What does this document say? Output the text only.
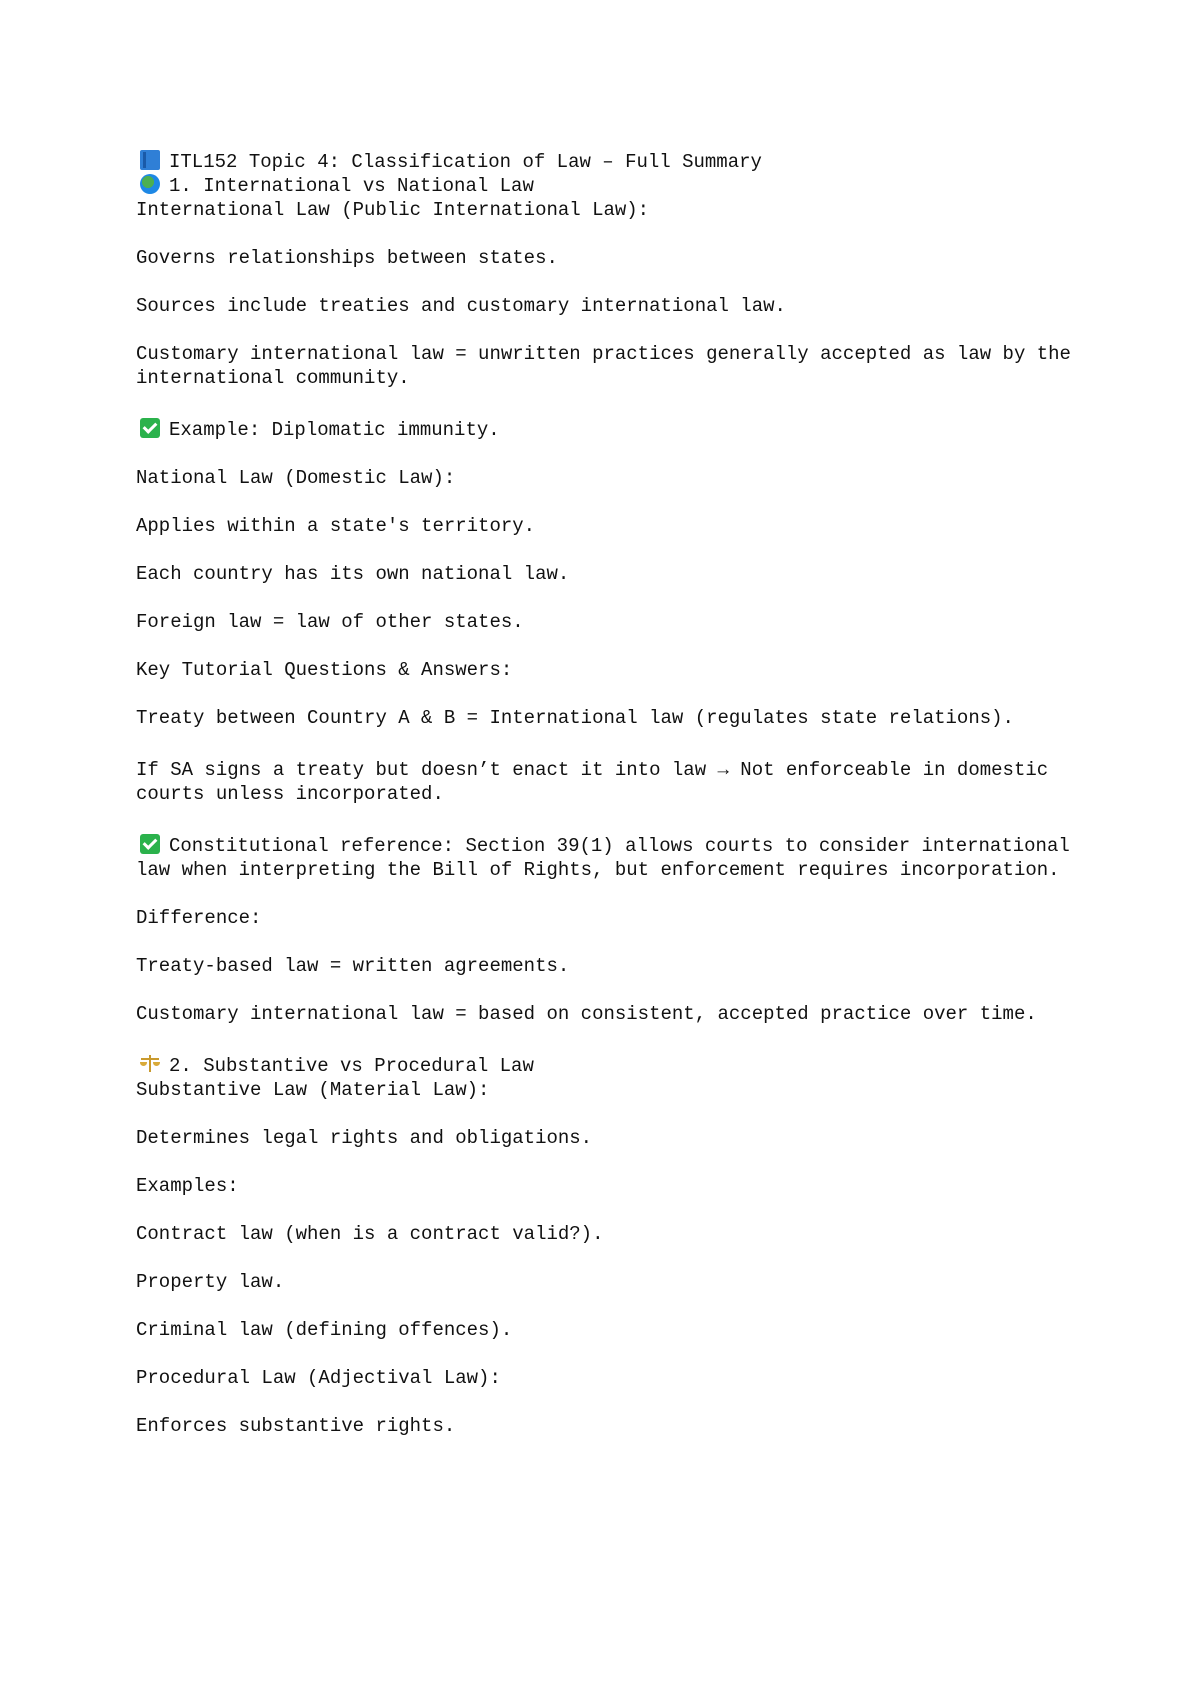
ITL152 Topic 4: Classification of Law – Full Summary

1. International vs National Law

International Law (Public International Law):

Governs relationships between states.

Sources include treaties and customary international law.

Customary international law = unwritten practices generally accepted as law by the international community.

Example: Diplomatic immunity.

National Law (Domestic Law):

Applies within a state's territory.

Each country has its own national law.

Foreign law = law of other states.

Key Tutorial Questions & Answers:

Treaty between Country A & B = International law (regulates state relations).

If SA signs a treaty but doesn’t enact it into law → Not enforceable in domestic courts unless incorporated.

Constitutional reference: Section 39(1) allows courts to consider international law when interpreting the Bill of Rights, but enforcement requires incorporation.

Difference:

Treaty-based law = written agreements.

Customary international law = based on consistent, accepted practice over time.

2. Substantive vs Procedural Law

Substantive Law (Material Law):

Determines legal rights and obligations.

Examples:

Contract law (when is a contract valid?).

Property law.

Criminal law (defining offences).

Procedural Law (Adjectival Law):

Enforces substantive rights.
